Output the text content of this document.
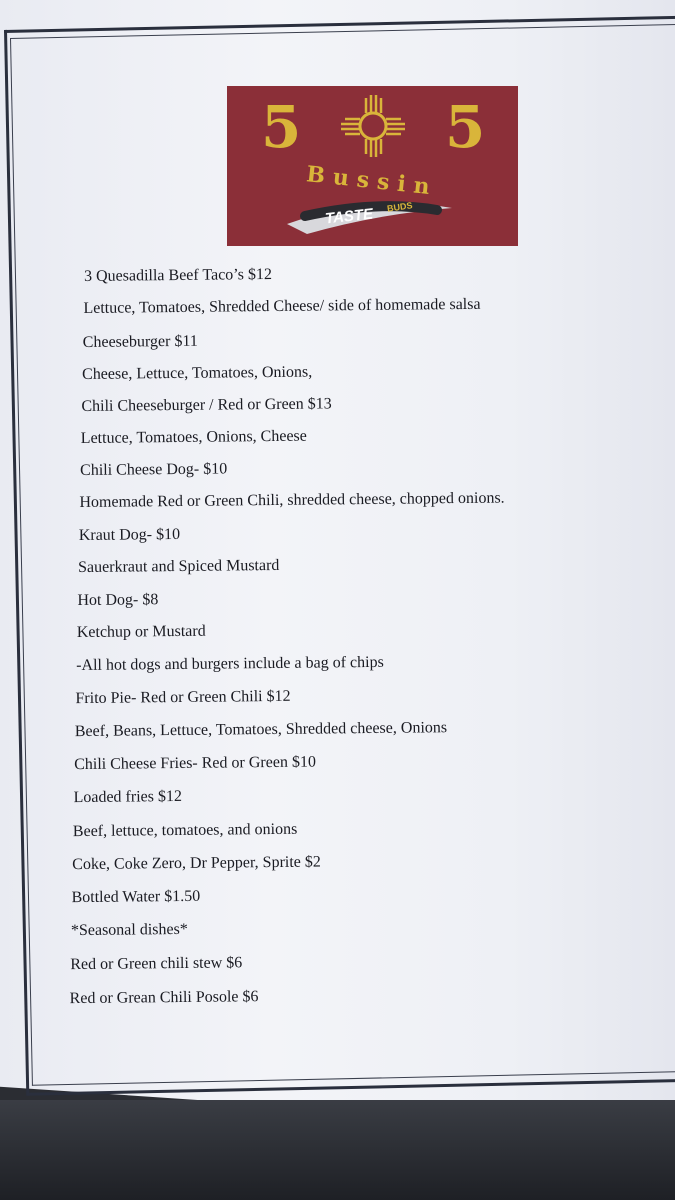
5 5
Bussin
TASTE BUDS
3 Quesadilla Beef Taco’s $12
Lettuce, Tomatoes, Shredded Cheese/ side of homemade salsa
Cheeseburger $11
Cheese, Lettuce, Tomatoes, Onions,
Chili Cheeseburger / Red or Green $13
Lettuce, Tomatoes, Onions, Cheese
Chili Cheese Dog- $10
Homemade Red or Green Chili, shredded cheese, chopped onions.
Kraut Dog- $10
Sauerkraut and Spiced Mustard
Hot Dog- $8
Ketchup or Mustard
-All hot dogs and burgers include a bag of chips
Frito Pie- Red or Green Chili $12
Beef, Beans, Lettuce, Tomatoes, Shredded cheese, Onions
Chili Cheese Fries- Red or Green $10
Loaded fries $12
Beef, lettuce, tomatoes, and onions
Coke, Coke Zero, Dr Pepper, Sprite $2
Bottled Water $1.50
*Seasonal dishes*
Red or Green chili stew $6
Red or Grean Chili Posole $6
